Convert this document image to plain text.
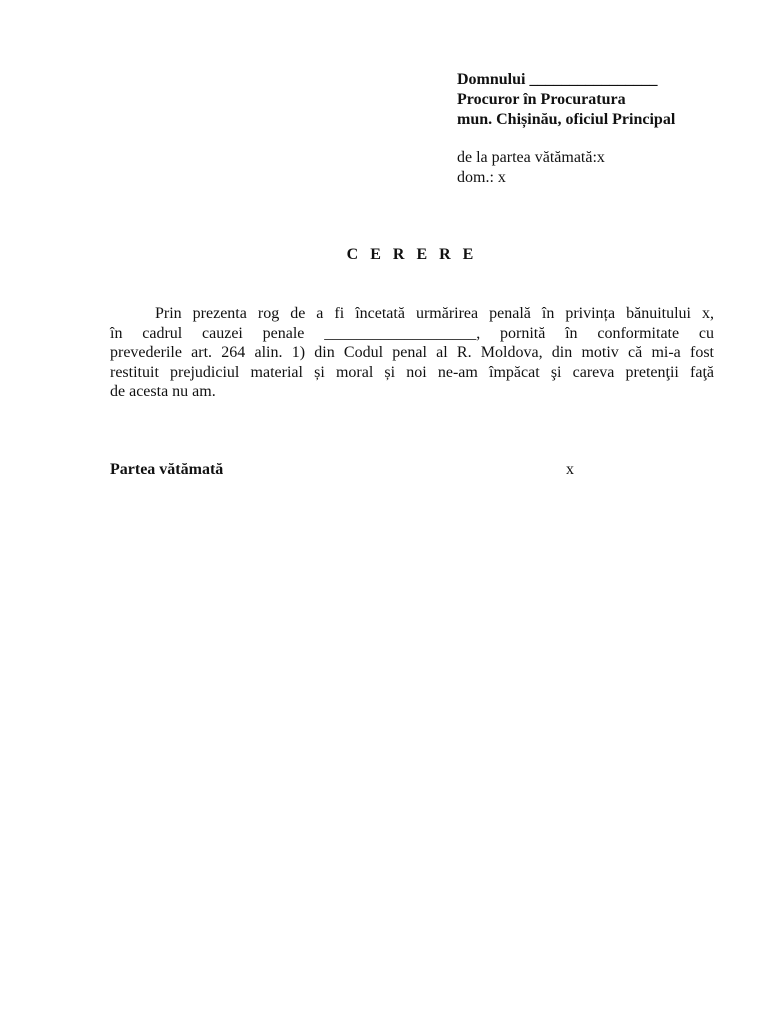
Domnului ________________
Procuror în Procuratura
mun. Chișinău, oficiul Principal
de la partea vătămată:x
dom.: x
C E R E R E
Prin prezenta rog de a fi încetată urmărirea penală în privința bănuitului x,
în cadrul cauzei penale ___________________, pornită în conformitate cu
prevederile art. 264 alin. 1) din Codul penal al R. Moldova, din motiv că mi-a fost
restituit prejudiciul material și moral și noi ne-am împăcat şi careva pretenţii faţă
de acesta nu am.
Partea vătămată	x
